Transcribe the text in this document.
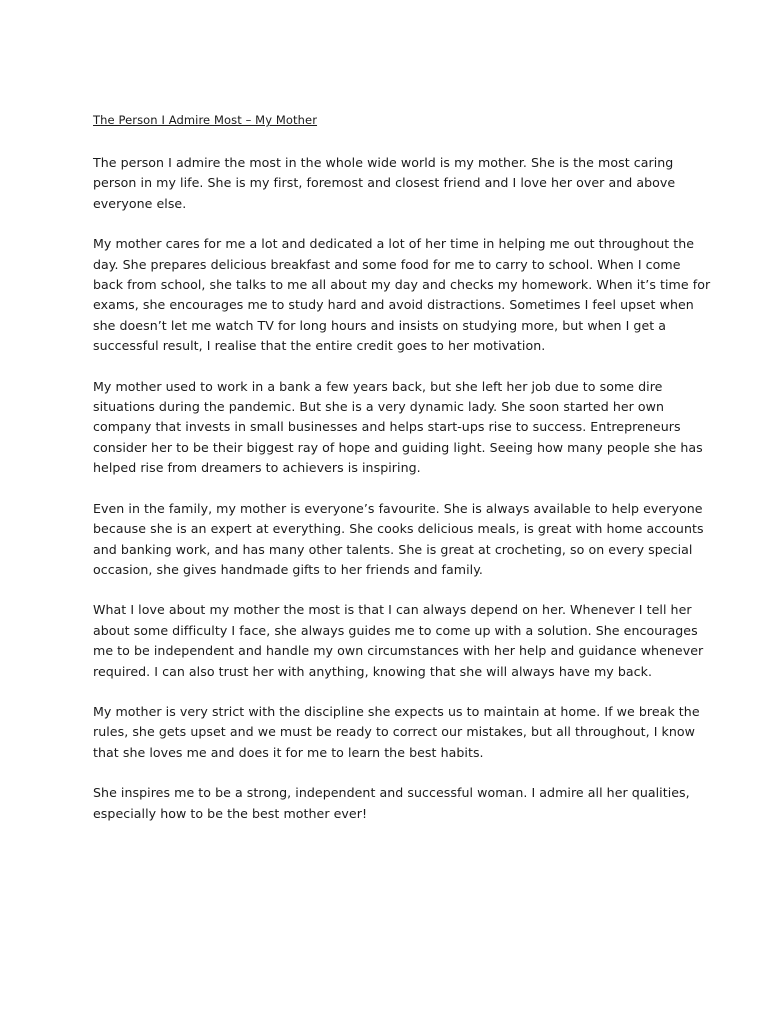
The Person I Admire Most – My Mother

The person I admire the most in the whole wide world is my mother. She is the most caring
person in my life. She is my first, foremost and closest friend and I love her over and above
everyone else.

My mother cares for me a lot and dedicated a lot of her time in helping me out throughout the
day. She prepares delicious breakfast and some food for me to carry to school. When I come
back from school, she talks to me all about my day and checks my homework. When it’s time for
exams, she encourages me to study hard and avoid distractions. Sometimes I feel upset when
she doesn’t let me watch TV for long hours and insists on studying more, but when I get a
successful result, I realise that the entire credit goes to her motivation.

My mother used to work in a bank a few years back, but she left her job due to some dire
situations during the pandemic. But she is a very dynamic lady. She soon started her own
company that invests in small businesses and helps start-ups rise to success. Entrepreneurs
consider her to be their biggest ray of hope and guiding light. Seeing how many people she has
helped rise from dreamers to achievers is inspiring.

Even in the family, my mother is everyone’s favourite. She is always available to help everyone
because she is an expert at everything. She cooks delicious meals, is great with home accounts
and banking work, and has many other talents. She is great at crocheting, so on every special
occasion, she gives handmade gifts to her friends and family.

What I love about my mother the most is that I can always depend on her. Whenever I tell her
about some difficulty I face, she always guides me to come up with a solution. She encourages
me to be independent and handle my own circumstances with her help and guidance whenever
required. I can also trust her with anything, knowing that she will always have my back.

My mother is very strict with the discipline she expects us to maintain at home. If we break the
rules, she gets upset and we must be ready to correct our mistakes, but all throughout, I know
that she loves me and does it for me to learn the best habits.

She inspires me to be a strong, independent and successful woman. I admire all her qualities,
especially how to be the best mother ever!
